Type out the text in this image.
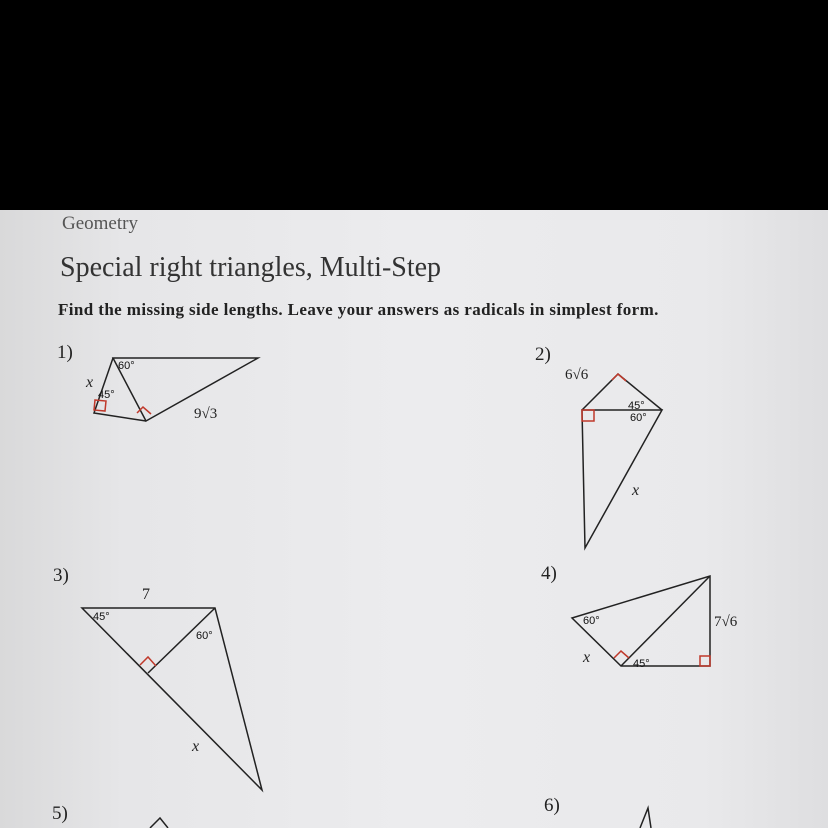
Geometry
Special right triangles, Multi-Step
Find the missing side lengths. Leave your answers as radicals in simplest form.
1)	2)
3)	4)
5)	6)
60°
45°
x
9√3
6√6
45°
60°
x
7
45°
60°
x
60°
45°
7√6
x
